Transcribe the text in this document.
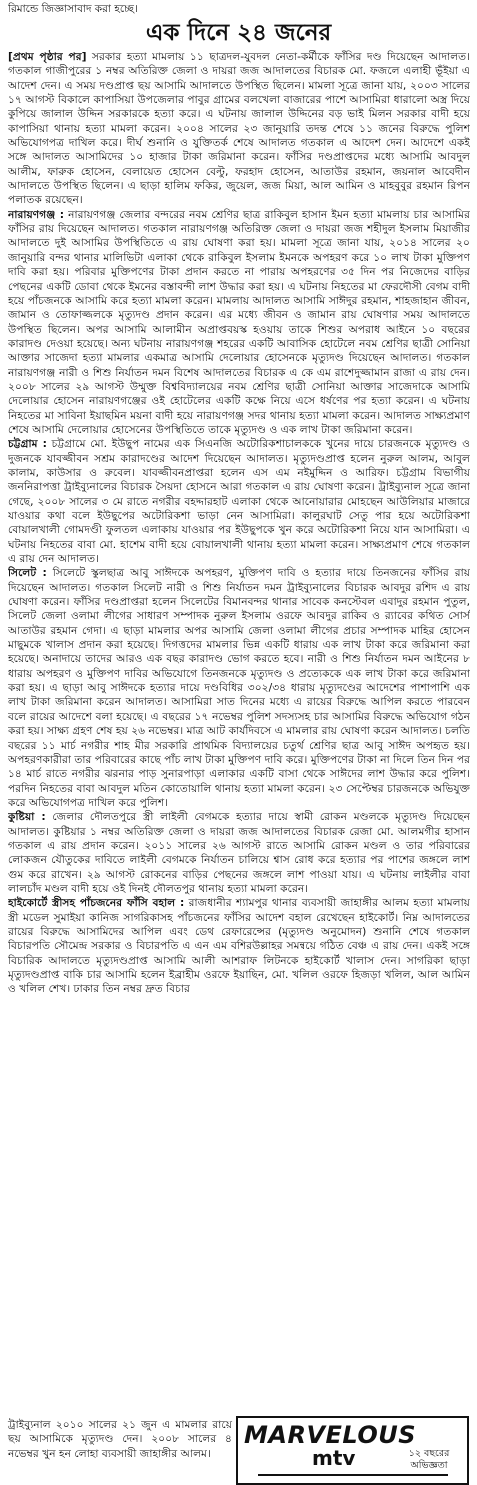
রিমান্ডে জিজ্ঞাসাবাদ করা হচ্ছে।
এক দিনে ২৪ জনের

[প্রথম পৃষ্ঠার পর] সরকার হত্যা মামলায় ১১ ছাত্রদল-যুবদল নেতা-কর্মীকে ফাঁসির দণ্ড দিয়েছেন আদালত। গতকাল গাজীপুরের ১ নম্বর অতিরিক্ত জেলা ও দায়রা জজ আদালতের বিচারক মো. ফজলে এলাহী ভূঁইয়া এ আদেশ দেন। এ সময় দণ্ডপ্রাপ্ত ছয় আসামি আদালতে উপস্থিত ছিলেন। মামলা সূত্রে জানা যায়, ২০০৩ সালের ১৭ আগস্ট বিকালে কাপাসিয়া উপজেলার পাবুর গ্রামের বলখেলা বাজারের পাশে আসামিরা ধারালো অস্ত্র দিয়ে কুপিয়ে জালাল উদ্দিন সরকারকে হত্যা করে। এ ঘটনায় জালাল উদ্দিনের বড় ভাই মিলন সরকার বাদী হয়ে কাপাসিয়া থানায় হত্যা মামলা করেন। ২০০৪ সালের ২৩ জানুয়ারি তদন্ত শেষে ১১ জনের বিরুদ্ধে পুলিশ অভিযোগপত্র দাখিল করে। দীর্ঘ শুনানি ও যুক্তিতর্ক শেষে আদালত গতকাল এ আদেশ দেন। আদেশে একই সঙ্গে আদালত আসামিদের ১০ হাজার টাকা জরিমানা করেন। ফাঁসির দণ্ডপ্রাপ্তদের মধ্যে আসামি আবদুল আলীম, ফারুক হোসেন, বেলায়েত হোসেন বেল্টু, ফরহাদ হোসেন, আতাউর রহমান, জয়নাল আবেদীন আদালতে উপস্থিত ছিলেন। এ ছাড়া হালিম ফকির, জুয়েল, জজ মিয়া, আল আমিন ও মাহবুবুর রহমান রিপন পলাতক রয়েছেন।

নারায়ণগঞ্জ : নারায়ণগঞ্জ জেলার বন্দরের নবম শ্রেণির ছাত্র রাকিবুল হাসান ইমন হত্যা মামলায় চার আসামির ফাঁসির রায় দিয়েছেন আদালত। গতকাল নারায়ণগঞ্জ অতিরিক্ত জেলা ও দায়রা জজ শহীদুল ইসলাম মিয়াজীর আদালতে দুই আসামির উপস্থিতিতে এ রায় ঘোষণা করা হয়। মামলা সূত্রে জানা যায়, ২০১৪ সালের ২০ জানুয়ারি বন্দর থানার মালিভিটা এলাকা থেকে রাকিবুল ইসলাম ইমনকে অপহরণ করে ১০ লাখ টাকা মুক্তিপণ দাবি করা হয়। পরিবার মুক্তিপণের টাকা প্রদান করতে না পারায় অপহরণের ৩৫ দিন পর নিজেদের বাড়ির পেছনের একটি ডোবা থেকে ইমনের বস্তাবন্দী লাশ উদ্ধার করা হয়। এ ঘটনায় নিহতের মা ফেরদৌসী বেগম বাদী হয়ে পাঁচজনকে আসামি করে হত্যা মামলা করেন। মামলায় আদালত আসামি সাঈদুর রহমান, শাহজাহান জীবন, জামান ও তোফাজ্জলকে মৃত্যুদণ্ড প্রদান করেন। এর মধ্যে জীবন ও জামান রায় ঘোষণার সময় আদালতে উপস্থিত ছিলেন। অপর আসামি আলামীন অপ্রাপ্তবয়স্ক হওয়ায় তাকে শিশুর অপরাধ আইনে ১০ বছরের কারাদণ্ড দেওয়া হয়েছে। অন্য ঘটনায় নারায়ণগঞ্জ শহরের একটি আবাসিক হোটেলে নবম শ্রেণির ছাত্রী সোনিয়া আক্তার সাজেদা হত্যা মামলার একমাত্র আসামি দেলোয়ার হোসেনকে মৃত্যুদণ্ড দিয়েছেন আদালত। গতকাল নারায়ণগঞ্জ নারী ও শিশু নির্যাতন দমন বিশেষ আদালতের বিচারক এ কে এম রাশেদুজ্জামান রাজা এ রায় দেন। ২০০৮ সালের ২৯ আগস্ট উম্মুক্ত বিশ্ববিদ্যালয়ের নবম শ্রেণির ছাত্রী সোনিয়া আক্তার সাজেদাকে আসামি দেলোয়ার হোসেন নারায়ণগঞ্জের ওই হোটেলের একটি কক্ষে নিয়ে এসে ধর্ষণের পর হত্যা করেন। এ ঘটনায় নিহতের মা সাবিনা ইয়াছমিন ময়না বাদী হয়ে নারায়ণগঞ্জ সদর থানায় হত্যা মামলা করেন। আদালত সাক্ষ্যপ্রমাণ শেষে আসামি দেলোয়ার হোসেনের উপস্থিতিতে তাকে মৃত্যুদণ্ড ও এক লাখ টাকা জরিমানা করেন।

চট্টগ্রাম : চট্টগ্রামে মো. ইউছুপ নামের এক সিএনজি অটোরিকশাচালককে খুনের দায়ে চারজনকে মৃত্যুদণ্ড ও দুজনকে যাবজ্জীবন সশ্রম কারাদণ্ডের আদেশ দিয়েছেন আদালত। মৃত্যুদণ্ডপ্রাপ্ত হলেন নুরুল আলম, আবুল কালাম, কাউসার ও রুবেল। যাবজ্জীবনপ্রাপ্তরা হলেন এস এম নইমুদ্দিন ও আরিফ। চট্টগ্রাম বিভাগীয় জননিরাপত্তা ট্রাইব্যুনালের বিচারক সৈয়দা হোসনে আরা গতকাল এ রায় ঘোষণা করেন। ট্রাইব্যুনাল সূত্রে জানা গেছে, ২০০৮ সালের ৩ মে রাতে নগরীর বহদ্দারহাট এলাকা থেকে আনোয়ারার মোহছেন আউলিয়ার মাজারে যাওয়ার কথা বলে ইউছুপের অটোরিকশা ভাড়া নেন আসামিরা। কালুরঘাট সেতু পার হয়ে অটোরিকশা বোয়ালখালী গোমদণ্ডী ফুলতল এলাকায় যাওয়ার পর ইউছুপকে খুন করে অটোরিকশা নিয়ে যান আসামিরা। এ ঘটনায় নিহতের বাবা মো. হাশেম বাদী হয়ে বোয়ালখালী থানায় হত্যা মামলা করেন। সাক্ষ্যপ্রমাণ শেষে গতকাল এ রায় দেন আদালত।

সিলেট : সিলেটে স্কুলছাত্র আবু সাঈদকে অপহরণ, মুক্তিপণ দাবি ও হত্যার দায়ে তিনজনের ফাঁসির রায় দিয়েছেন আদালত। গতকাল সিলেট নারী ও শিশু নির্যাতন দমন ট্রাইব্যুনালের বিচারক আবদুর রশিদ এ রায় ঘোষণা করেন। ফাঁসির দণ্ডপ্রাপ্তরা হলেন সিলেটের বিমানবন্দর থানার সাবেক কনস্টেবল এবাদুর রহমান পুতুল, সিলেট জেলা ওলামা লীগের সাধারণ সম্পাদক নুরুল ইসলাম ওরফে আবদুর রাকিব ও র‍্যাবের কথিত সোর্স আতাউর রহমান গেদা। এ ছাড়া মামলার অপর আসামি জেলা ওলামা লীগের প্রচার সম্পাদক মাহির হোসেন মাছুমকে খালাস প্রদান করা হয়েছে। দিগত্তদের মামলার ভিন্ন একটি ধারায় এক লাখ টাকা করে জরিমানা করা হয়েছে। অনাদায়ে তাদের আরও এক বছর কারাদণ্ড ভোগ করতে হবে। নারী ও শিশু নির্যাতন দমন আইনের ৮ ধারায় অপহরণ ও মুক্তিপণ দাবির অভিযোগে তিনজনকে মৃত্যুদণ্ড ও প্রত্যেককে এক লাখ টাকা করে জরিমানা করা হয়। এ ছাড়া আবু সাঈদকে হত্যার দায়ে দণ্ডবিধির ৩০২/৩৪ ধারায় মৃত্যুদণ্ডের আদেশের পাশাপাশি এক লাখ টাকা জরিমানা করেন আদালত। আসামিরা সাত দিনের মধ্যে এ রায়ের বিরুদ্ধে আপিল করতে পারবেন বলে রায়ের আদেশে বলা হয়েছে। এ বছরের ১৭ নভেম্বর পুলিশ সদস্যসহ চার আসামির বিরুদ্ধে অভিযোগ গঠন করা হয়। সাক্ষ্য গ্রহণ শেষ হয় ২৬ নভেম্বর। মাত্র আট কার্যদিবসে এ মামলার রায় ঘোষণা করেন আদালত। চলতি বছরের ১১ মার্চ নগরীর শাহ মীর সরকারি প্রাথমিক বিদ্যালয়ের চতুর্থ শ্রেণির ছাত্র আবু সাঈদ অপহৃত হয়। অপহরণকারীরা তার পরিবারের কাছে পাঁচ লাখ টাকা মুক্তিপণ দাবি করে। মুক্তিপণের টাকা না দিলে তিন দিন পর ১৪ মার্চ রাতে নগরীর ঝরনার পাড় সুনারপাড়া এলাকার একটি বাসা থেকে সাঈদের লাশ উদ্ধার করে পুলিশ। পরদিন নিহতের বাবা আবদুল মতিন কোতোয়ালি থানায় হত্যা মামলা করেন। ২৩ সেপ্টেম্বর চারজনকে অভিযুক্ত করে অভিযোগপত্র দাখিল করে পুলিশ।

কুষ্টিয়া : জেলার দৌলতপুরে স্ত্রী লাইলী বেগমকে হত্যার দায়ে স্বামী রোকন মণ্ডলকে মৃত্যুদণ্ড দিয়েছেন আদালত। কুষ্টিয়ার ১ নম্বর অতিরিক্ত জেলা ও দায়রা জজ আদালতের বিচারক রেজা মো. আলমগীর হাসান গতকাল এ রায় প্রদান করেন। ২০১১ সালের ২৬ আগস্ট রাতে আসামি রোকন মণ্ডল ও তার পরিবারের লোকজন যৌতুকের দাবিতে লাইলী বেগমকে নির্যাতন চালিয়ে শ্বাস রোধ করে হত্যার পর পাশের জঙ্গলে লাশ গুম করে রাখেন। ২৯ আগস্ট রোকনের বাড়ির পেছনের জঙ্গলে লাশ পাওয়া যায়। এ ঘটনায় লাইলীর বাবা লালচাঁদ মণ্ডল বাদী হয়ে ওই দিনই দৌলতপুর থানায় হত্যা মামলা করেন।

হাইকোর্টে স্ত্রীসহ পাঁচজনের ফাঁসি বহাল : রাজধানীর শ্যামপুর থানার ব্যবসায়ী জাহাঙ্গীর আলম হত্যা মামলায় স্ত্রী মডেল সুমাইয়া কানিজ সাগরিকাসহ পাঁচজনের ফাঁসির আদেশ বহাল রেখেছেন হাইকোর্ট। নিম্ন আদালতের রায়ের বিরুদ্ধে আসামিদের আপিল এবং ডেথ রেফারেন্সের (মৃত্যুদণ্ড অনুমোদন) শুনানি শেষে গতকাল বিচারপতি সৌমেন্দ্র সরকার ও বিচারপতি এ এন এম বশিরউল্লাহর সমন্বয়ে গঠিত বেঞ্চ এ রায় দেন। একই সঙ্গে বিচারিক আদালতে মৃত্যুদণ্ডপ্রাপ্ত আসামি আলী আশরাফ লিটনকে হাইকোর্ট খালাস দেন। সাগরিকা ছাড়া মৃত্যুদণ্ডপ্রাপ্ত বাকি চার আসামি হলেন ইব্রাহীম ওরফে ইয়াছিন, মো. খলিল ওরফে হিজড়া খলিল, আল আমিন ও খলিল শেখ। ঢাকার তিন নম্বর দ্রুত বিচার

ট্রাইব্যুনাল ২০১০ সালের ২১ জুন এ মামলার রায়ে ছয় আসামিকে মৃত্যুদণ্ড দেন। ২০০৮ সালের ৪ নভেম্বর খুন হন লোহা ব্যবসায়ী জাহাঙ্গীর আলম।
MARVELOUS
mtv	১২ বছরের অভিজ্ঞতা
